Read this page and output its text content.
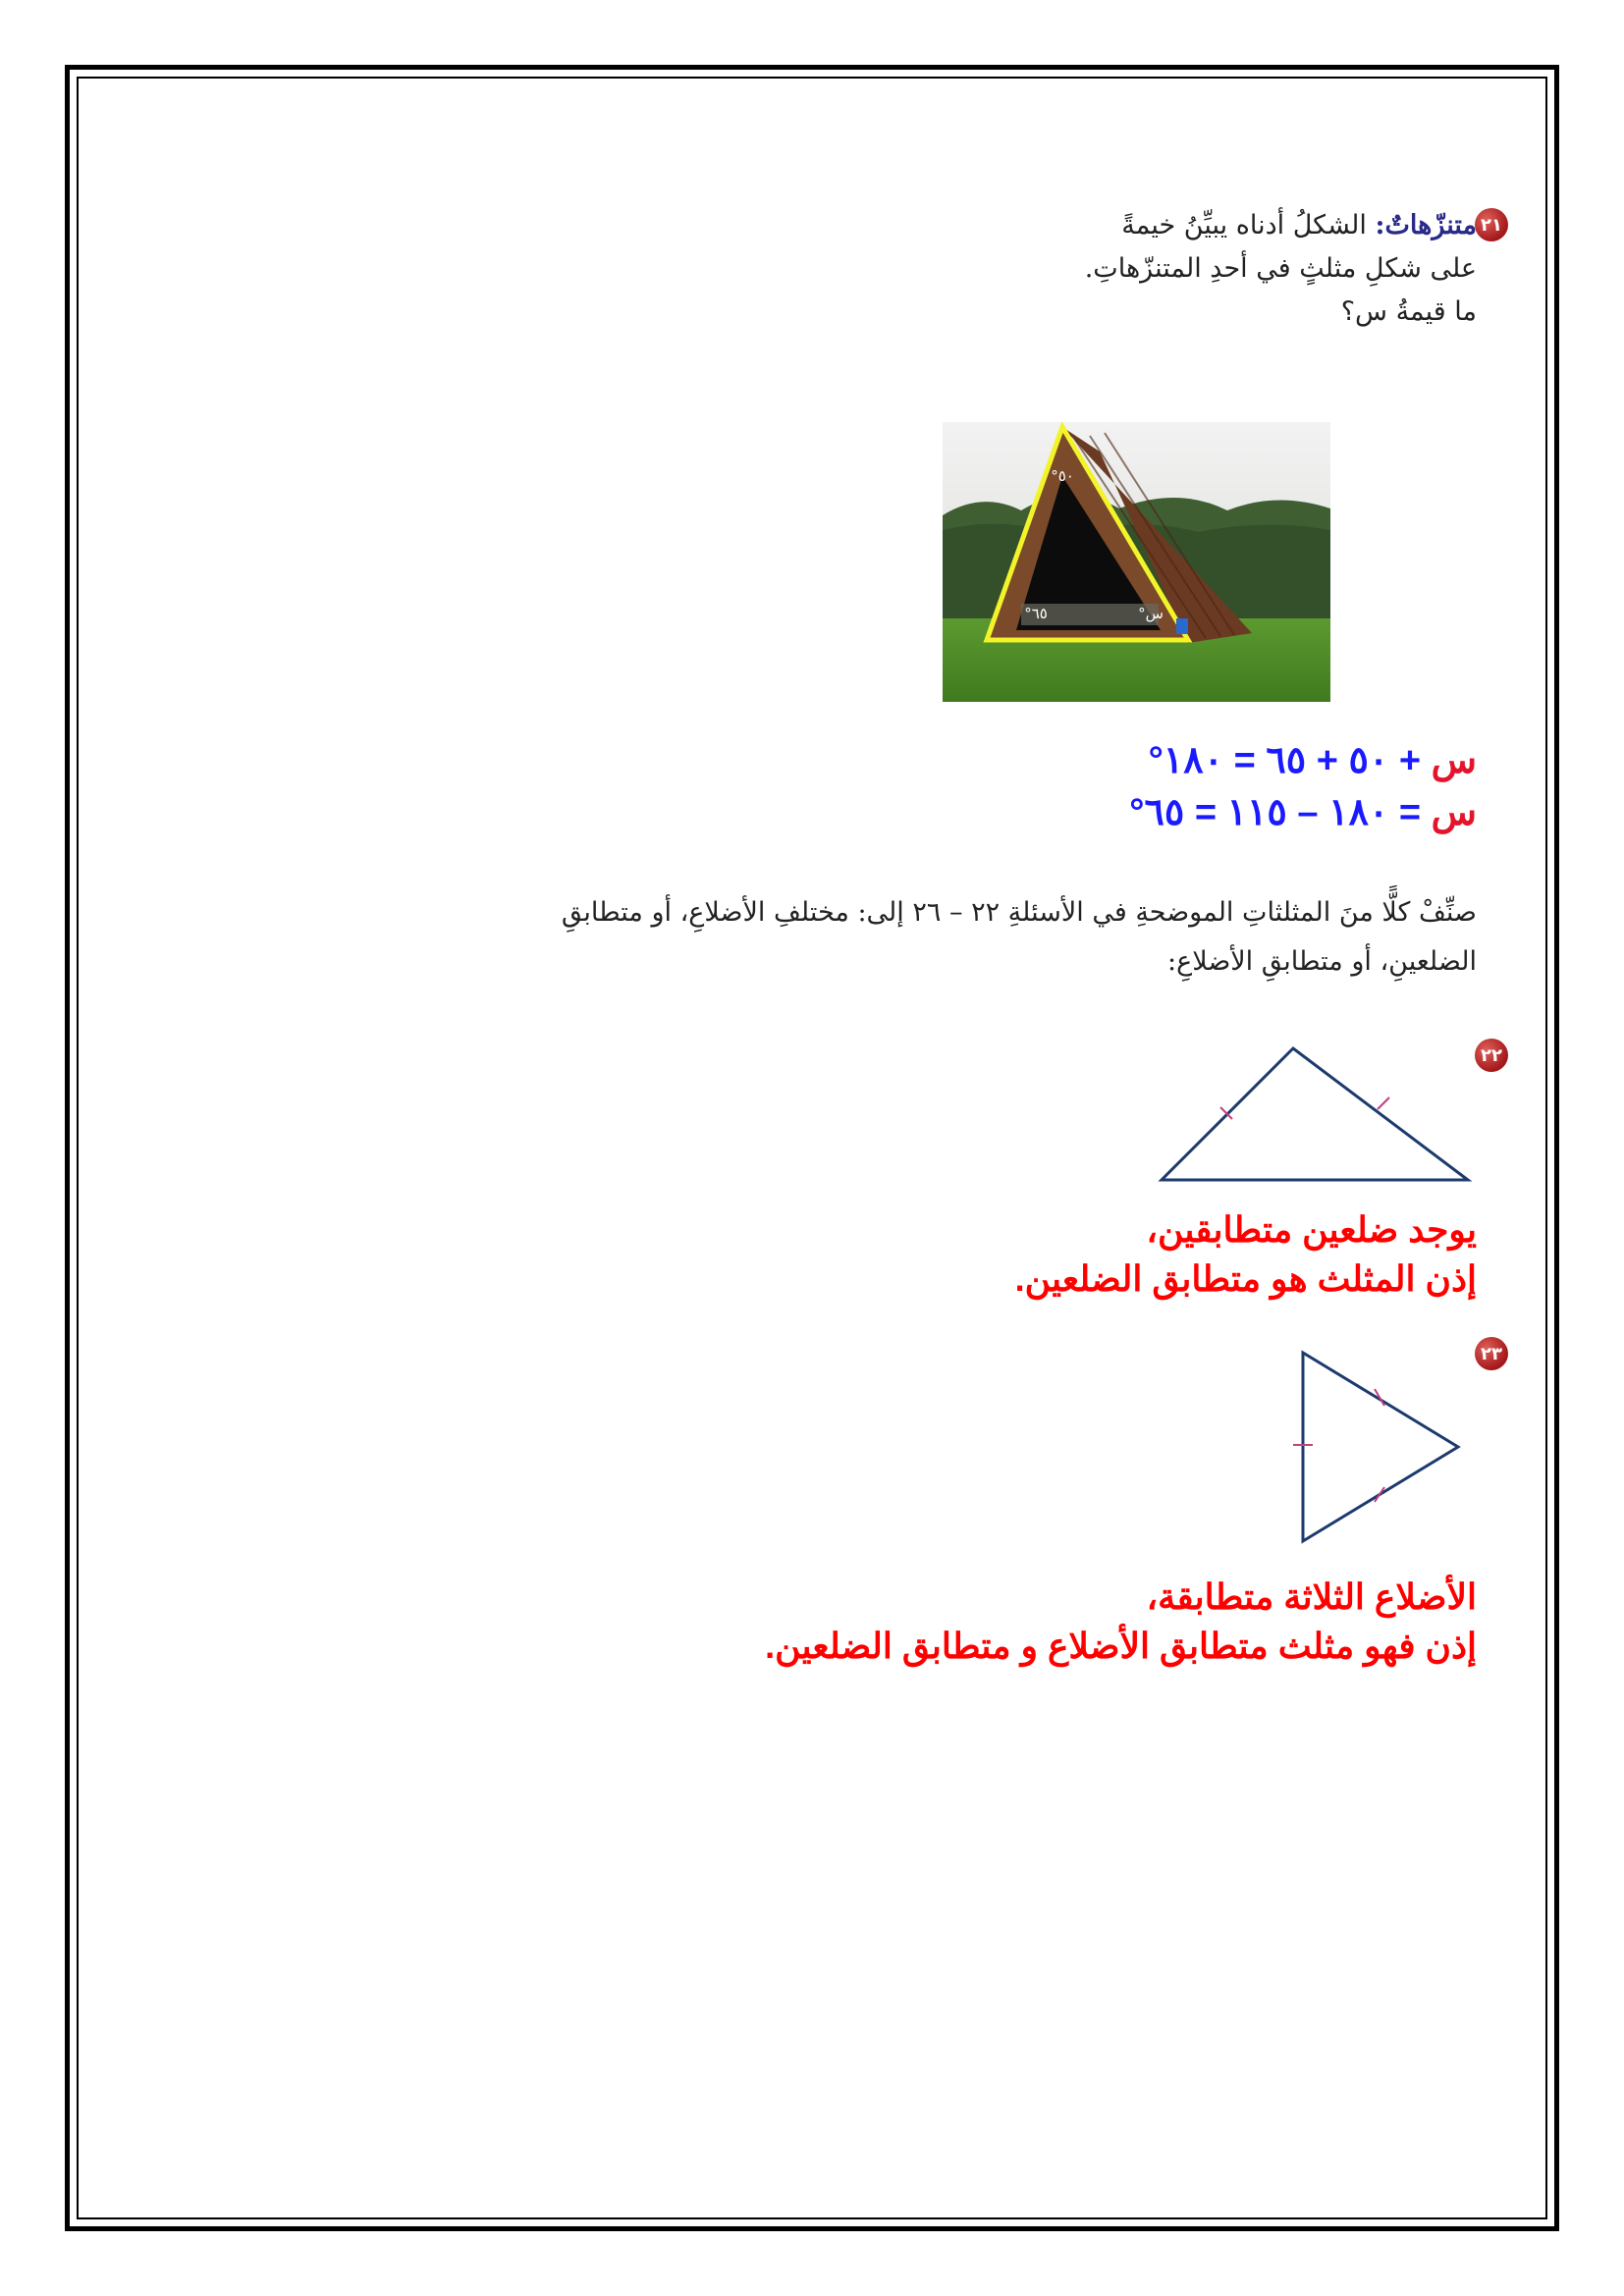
٢١
متنزّهاتٌ: الشكلُ أدناه يبيِّنُ خيمةً
على شكلِ مثلثٍ في أحدِ المتنزّهاتِ.
ما قيمةُ س؟
٥٠°
٦٥°	س°
س + ٥٠ + ٦٥ = ١٨٠°
س = ١٨٠ – ١١٥ = ٦٥°
صنِّفْ كلًّا منَ المثلثاتِ الموضحةِ في الأسئلةِ ٢٢ – ٢٦ إلى: مختلفِ الأضلاعِ، أو متطابقِ
الضلعينِ، أو متطابقِ الأضلاعِ:
٢٢
يوجد ضلعين متطابقين،
إذن المثلث هو متطابق الضلعين.
٢٣
الأضلاع الثلاثة متطابقة،
إذن فهو مثلث متطابق الأضلاع و متطابق الضلعين.
